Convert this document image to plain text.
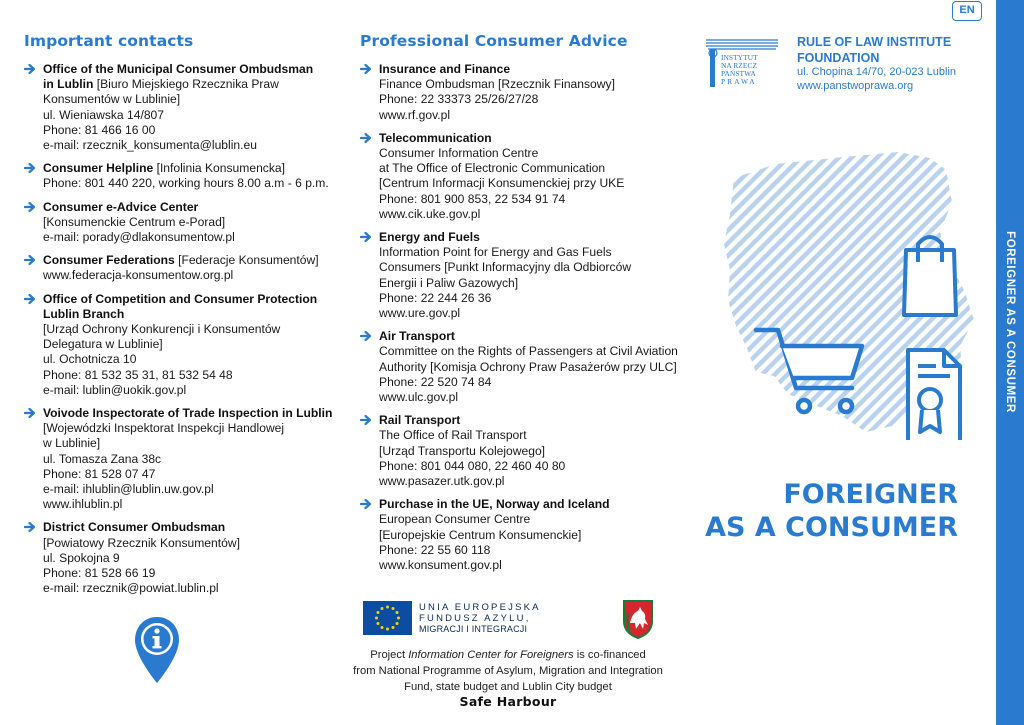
FOREIGNER AS A CONSUMER
EN
Important contacts
Office of the Municipal Consumer Ombudsman
in Lublin [Biuro Miejskiego Rzecznika Praw
Konsumentów w Lublinie]
ul. Wieniawska 14/807
Phone: 81 466 16 00
e-mail: rzecznik_konsumenta@lublin.eu
Consumer Helpline [Infolinia Konsumencka]
Phone: 801 440 220, working hours 8.00 a.m - 6 p.m.
Consumer e-Advice Center
[Konsumenckie Centrum e-Porad]
e-mail: porady@dlakonsumentow.pl
Consumer Federations [Federacje Konsumentów]
www.federacja-konsumentow.org.pl
Office of Competition and Consumer Protection
Lublin Branch
[Urząd Ochrony Konkurencji i Konsumentów
Delegatura w Lublinie]
ul. Ochotnicza 10
Phone: 81 532 35 31, 81 532 54 48
e-mail: lublin@uokik.gov.pl
Voivode Inspectorate of Trade Inspection in Lublin
[Wojewódzki Inspektorat Inspekcji Handlowej
w Lublinie]
ul. Tomasza Zana 38c
Phone: 81 528 07 47
e-mail: ihlublin@lublin.uw.gov.pl
www.ihlublin.pl
District Consumer Ombudsman
[Powiatowy Rzecznik Konsumentów]
ul. Spokojna 9
Phone: 81 528 66 19
e-mail: rzecznik@powiat.lublin.pl
Professional Consumer Advice
Insurance and Finance
Finance Ombudsman [Rzecznik Finansowy]
Phone: 22 33373 25/26/27/28
www.rf.gov.pl
Telecommunication
Consumer Information Centre
at The Office of Electronic Communication
[Centrum Informacji Konsumenckiej przy UKE
Phone: 801 900 853, 22 534 91 74
www.cik.uke.gov.pl
Energy and Fuels
Information Point for Energy and Gas Fuels
Consumers [Punkt Informacyjny dla Odbiorców
Energii i Paliw Gazowych]
Phone: 22 244 26 36
www.ure.gov.pl
Air Transport
Committee on the Rights of Passengers at Civil Aviation
Authority [Komisja Ochrony Praw Pasażerów przy ULC]
Phone: 22 520 74 84
www.ulc.gov.pl
Rail Transport
The Office of Rail Transport
[Urząd Transportu Kolejowego]
Phone: 801 044 080, 22 460 40 80
www.pasazer.utk.gov.pl
Purchase in the UE, Norway and Iceland
European Consumer Centre
[Europejskie Centrum Konsumenckie]
Phone: 22 55 60 118
www.konsument.gov.pl
INSTYTUT
NA RZECZ
PAŃSTWA
PRAWA
RULE OF LAW INSTITUTE
FOUNDATION
ul. Chopina 14/70, 20-023 Lublin
www.panstwoprawa.org
FOREIGNER
AS A CONSUMER
UNIA EUROPEJSKA
FUNDUSZ AZYLU,
MIGRACJI I INTEGRACJI
Project Information Center for Foreigners is co-financed
from National Programme of Asylum, Migration and Integration
Fund, state budget and Lublin City budget
Safe Harbour
